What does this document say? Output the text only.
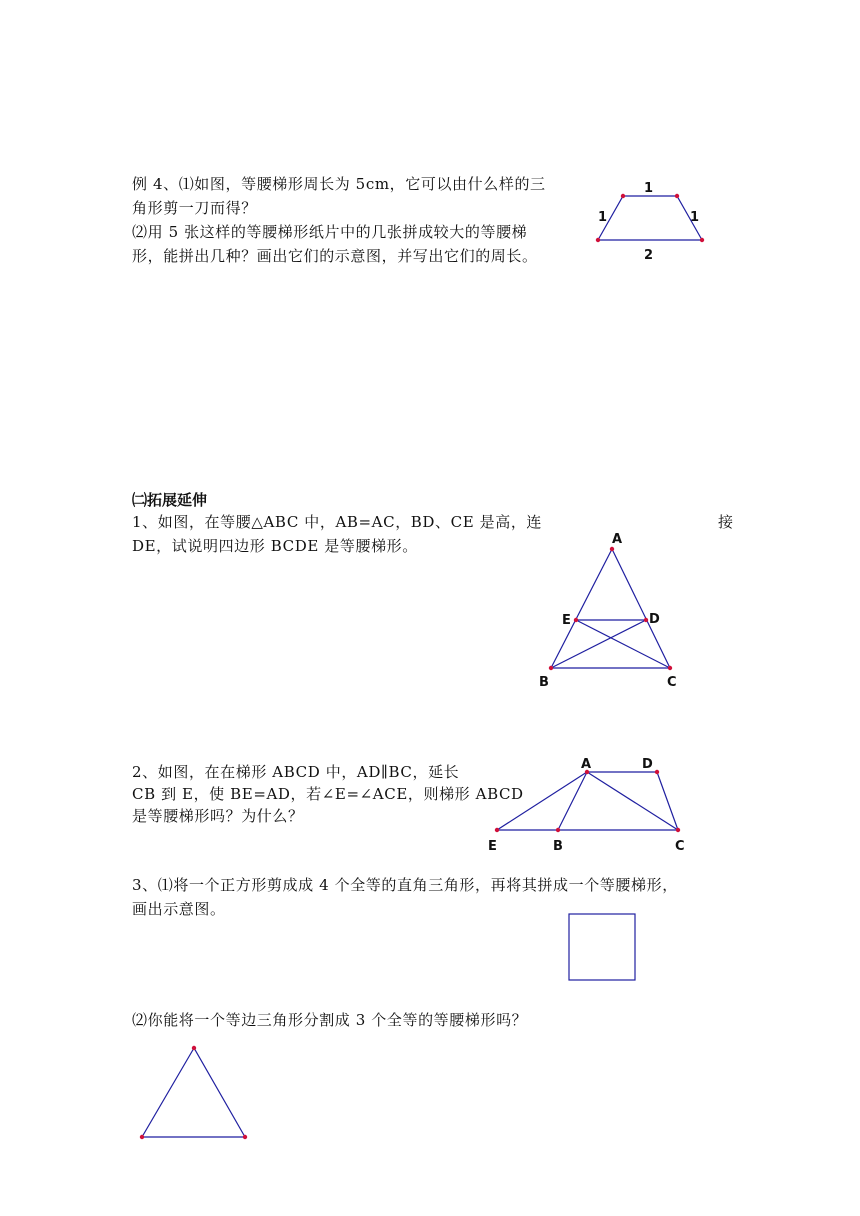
例 4、⑴如图，等腰梯形周长为 5cm，它可以由什么样的三
角形剪一刀而得？
⑵用 5 张这样的等腰梯形纸片中的几张拼成较大的等腰梯
形，能拼出几种？画出它们的示意图，并写出它们的周长。
1
1	1
2
㈡拓展延伸
1、如图，在等腰△ABC 中，AB=AC，BD、CE 是高，连	接
DE，试说明四边形 BCDE 是等腰梯形。	A
E	D
B	C
2、如图，在在梯形 ABCD 中，AD∥BC，延长
CB 到 E，使 BE=AD，若∠E=∠ACE，则梯形 ABCD
是等腰梯形吗？为什么？
A	D
E	B	C
3、⑴将一个正方形剪成成 4 个全等的直角三角形，再将其拼成一个等腰梯形，
画出示意图。
⑵你能将一个等边三角形分割成 3 个全等的等腰梯形吗？
